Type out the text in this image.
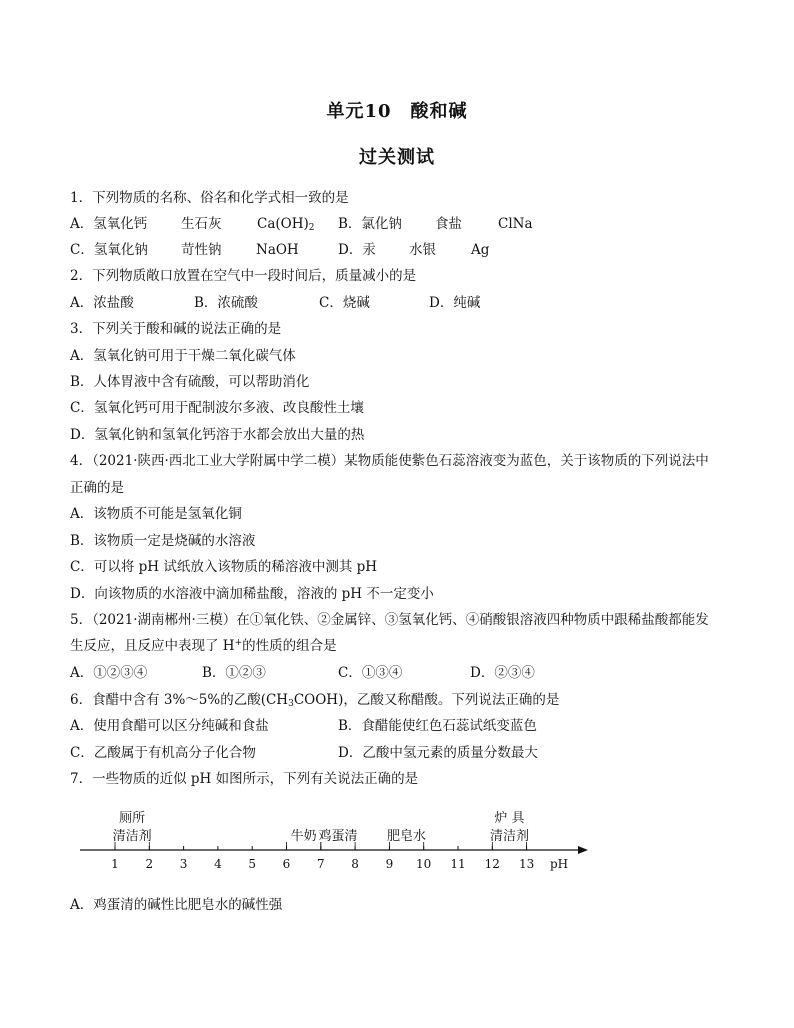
单元10　酸和碱
过关测试
1．下列物质的名称、俗名和化学式相一致的是
A．氢氧化钙	生石灰	$Ca(OH)_2$ B．氯化钠 食盐	ClNa
C．氢氧化钠 苛性钠	NaOH	D．汞 水银	Ag
2．下列物质敞口放置在空气中一段时间后，质量减小的是
A．浓盐酸	B．浓硫酸	C．烧碱	D．纯碱
3．下列关于酸和碱的说法正确的是
A．氢氧化钠可用于干燥二氧化碳气体
B．人体胃液中含有硫酸，可以帮助消化
C．氢氧化钙可用于配制波尔多液、改良酸性土壤
D．氢氧化钠和氢氧化钙溶于水都会放出大量的热
4．（2021·陕西·西北工业大学附属中学二模）某物质能使紫色石蕊溶液变为蓝色，关于该物质的下列说法中
正确的是
A．该物质不可能是氢氧化铜
B．该物质一定是烧碱的水溶液
C．可以将 pH 试纸放入该物质的稀溶液中测其 pH
D．向该物质的水溶液中滴加稀盐酸，溶液的 pH 不一定变小
5．（2021·湖南郴州·三模）在①氧化铁、②金属锌、③氢氧化钙、④硝酸银溶液四种物质中跟稀盐酸都能发
生反应，且反应中表现了 H+的性质的组合是
A．①②③④	B．①②③	C．①③④	D．②③④
6．食醋中含有 3%～5%的乙酸$(CH_3COOH)$，乙酸又称醋酸。下列说法正确的是
A．使用食醋可以区分纯碱和食盐	B．食醋能使红色石蕊试纸变蓝色
C．乙酸属于有机高分子化合物	D．乙酸中氢元素的质量分数最大
7．一些物质的近似 pH 如图所示，下列有关说法正确的是
1 2 3 4 5 6 7 8 9 10 11 12 13 pH
厕所
清洁剂	牛奶 鸡蛋清 肥皂水
炉 具
清洁剂
A．鸡蛋清的碱性比肥皂水的碱性强
